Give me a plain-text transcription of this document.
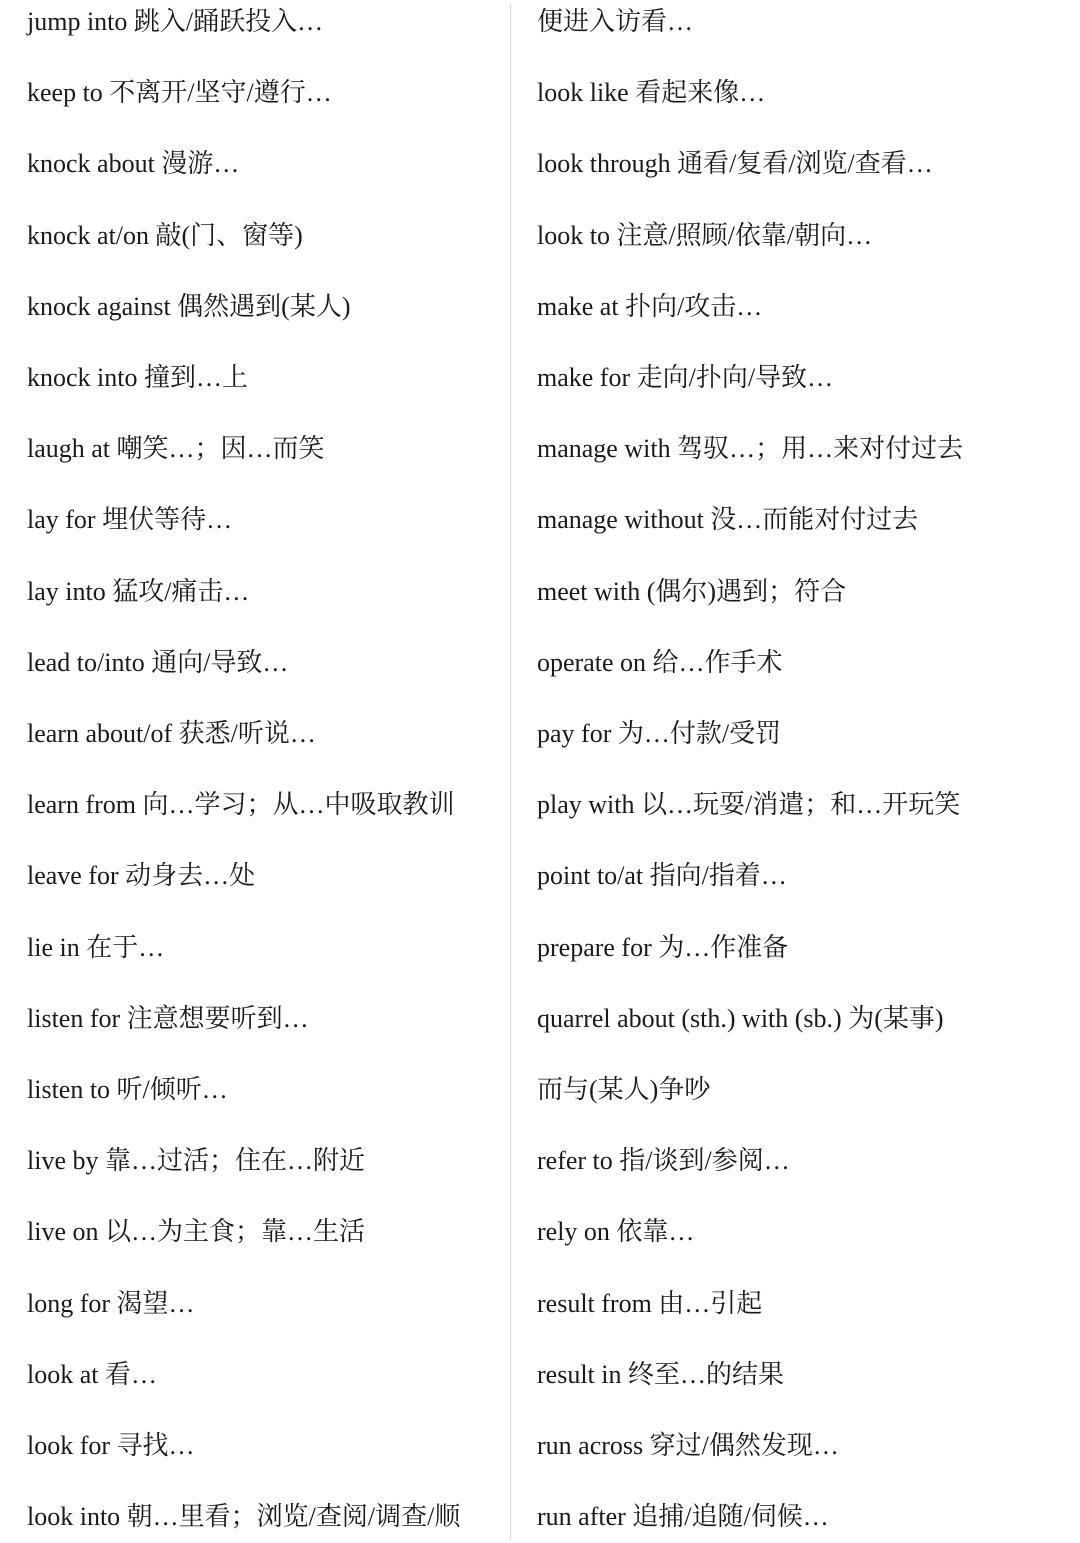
jump into 跳入/踊跃投入…
keep to 不离开/坚守/遵行…
knock about 漫游…
knock at/on 敲(门、窗等)
knock against 偶然遇到(某人)
knock into 撞到…上
laugh at 嘲笑…；因…而笑
lay for 埋伏等待…
lay into 猛攻/痛击…
lead to/into 通向/导致…
learn about/of 获悉/听说…
learn from 向…学习；从…中吸取教训
leave for 动身去…处
lie in 在于…
listen for 注意想要听到…
listen to 听/倾听…
live by 靠…过活；住在…附近
live on 以…为主食；靠…生活
long for 渴望…
look at 看…
look for 寻找…
look into 朝…里看；浏览/查阅/调查/顺
便进入访看…
look like 看起来像…
look through 通看/复看/浏览/查看…
look to 注意/照顾/依靠/朝向…
make at 扑向/攻击…
make for 走向/扑向/导致…
manage with 驾驭…；用…来对付过去
manage without 没…而能对付过去
meet with (偶尔)遇到；符合
operate on 给…作手术
pay for 为…付款/受罚
play with 以…玩耍/消遣；和…开玩笑
point to/at 指向/指着…
prepare for 为…作准备
quarrel about (sth.) with (sb.) 为(某事)
而与(某人)争吵
refer to 指/谈到/参阅…
rely on 依靠…
result from 由…引起
result in 终至…的结果
run across 穿过/偶然发现…
run after 追捕/追随/伺候…
